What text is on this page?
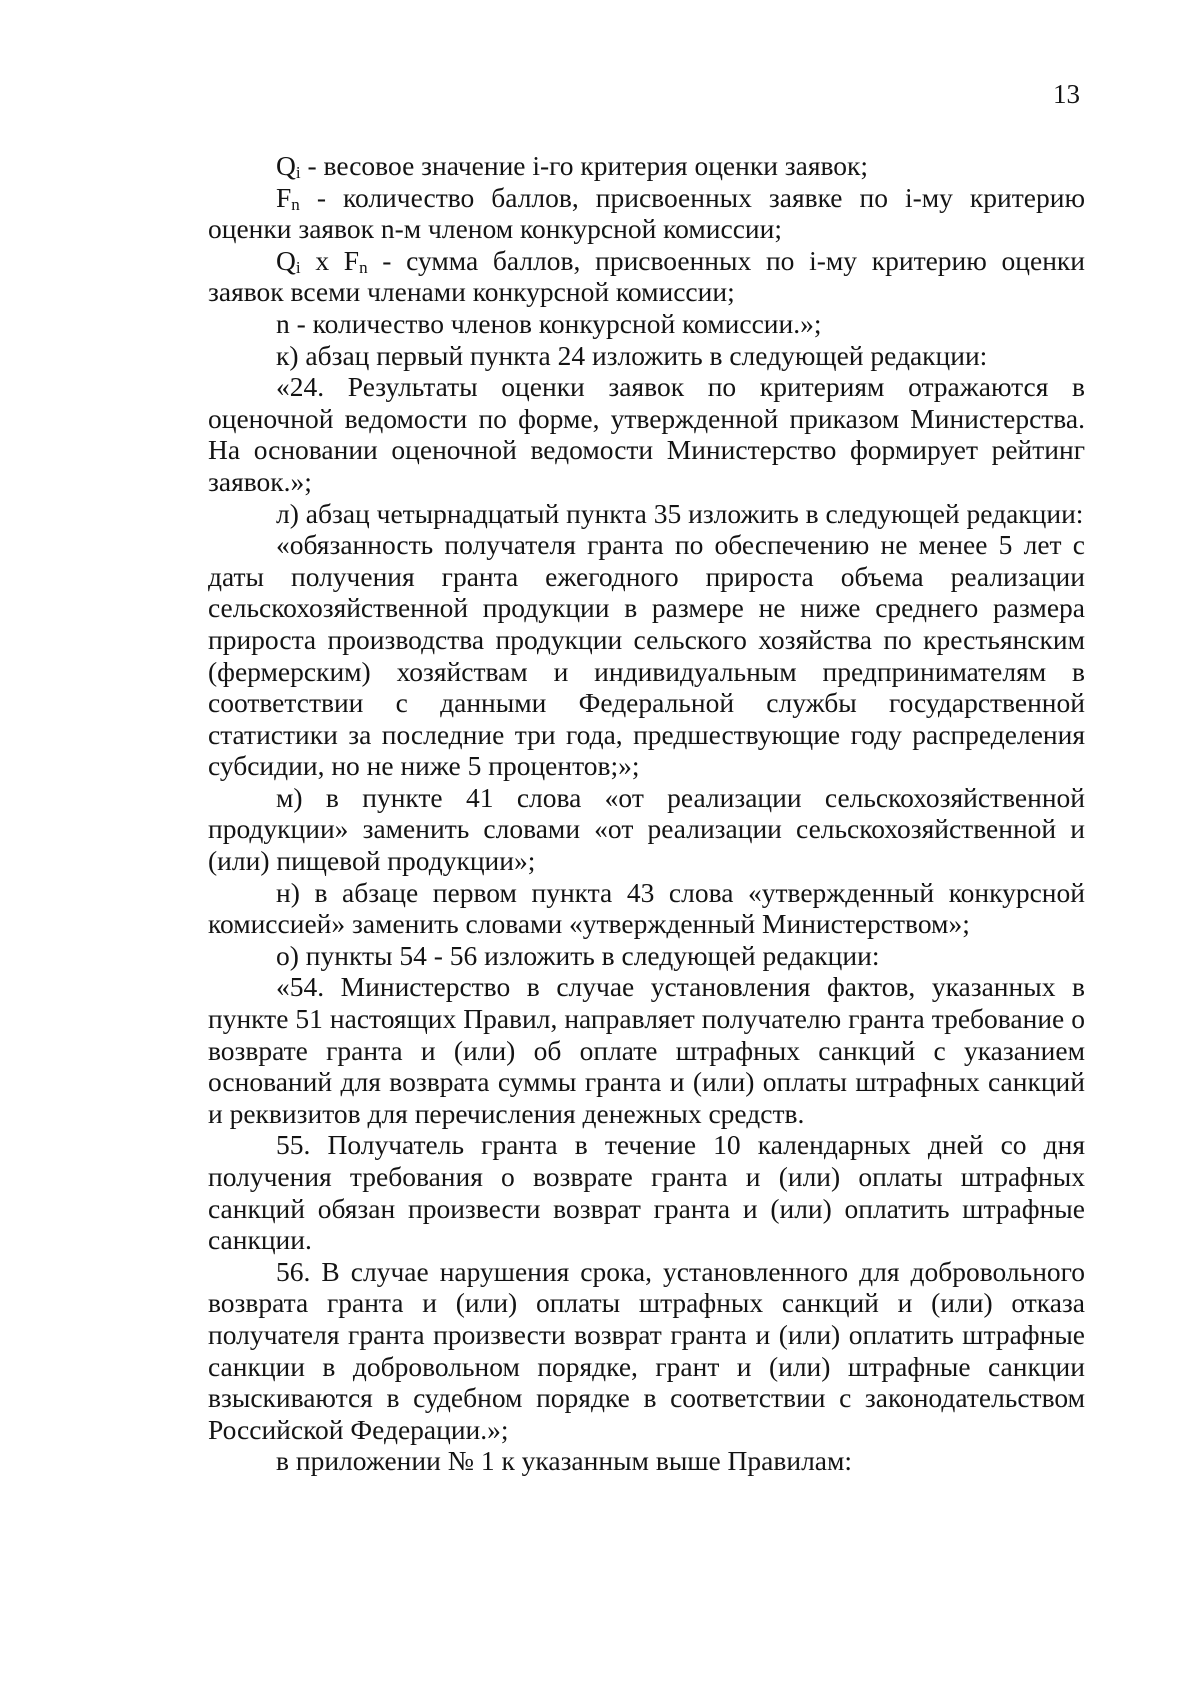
13

Qi - весовое значение i-го критерия оценки заявок;

Fn - количество баллов, присвоенных заявке по i-му критерию оценки заявок n-м членом конкурсной комиссии;

Qi x Fn - сумма баллов, присвоенных по i-му критерию оценки заявок всеми членами конкурсной комиссии;

n - количество членов конкурсной комиссии.»;

к) абзац первый пункта 24 изложить в следующей редакции:

«24. Результаты оценки заявок по критериям отражаются в оценочной ведомости по форме, утвержденной приказом Министерства. На основании оценочной ведомости Министерство формирует рейтинг заявок.»;

л) абзац четырнадцатый пункта 35 изложить в следующей редакции:

«обязанность получателя гранта по обеспечению не менее 5 лет с даты получения гранта ежегодного прироста объема реализации сельскохозяйственной продукции в размере не ниже среднего размера прироста производства продукции сельского хозяйства по крестьянским (фермерским) хозяйствам и индивидуальным предпринимателям в соответствии с данными Федеральной службы государственной статистики за последние три года, предшествующие году распределения субсидии, но не ниже 5 процентов;»;

м) в пункте 41 слова «от реализации сельскохозяйственной продукции» заменить словами «от реализации сельскохозяйственной и (или) пищевой продукции»;

н) в абзаце первом пункта 43 слова «утвержденный конкурсной комиссией» заменить словами «утвержденный Министерством»;

о) пункты 54 - 56 изложить в следующей редакции:

«54. Министерство в случае установления фактов, указанных в пункте 51 настоящих Правил, направляет получателю гранта требование о возврате гранта и (или) об оплате штрафных санкций с указанием оснований для возврата суммы гранта и (или) оплаты штрафных санкций и реквизитов для перечисления денежных средств.

55. Получатель гранта в течение 10 календарных дней со дня получения требования о возврате гранта и (или) оплаты штрафных санкций обязан произвести возврат гранта и (или) оплатить штрафные санкции.

56. В случае нарушения срока, установленного для добровольного возврата гранта и (или) оплаты штрафных санкций и (или) отказа получателя гранта произвести возврат гранта и (или) оплатить штрафные санкции в добровольном порядке, грант и (или) штрафные санкции взыскиваются в судебном порядке в соответствии с законодательством Российской Федерации.»;

в приложении № 1 к указанным выше Правилам:
